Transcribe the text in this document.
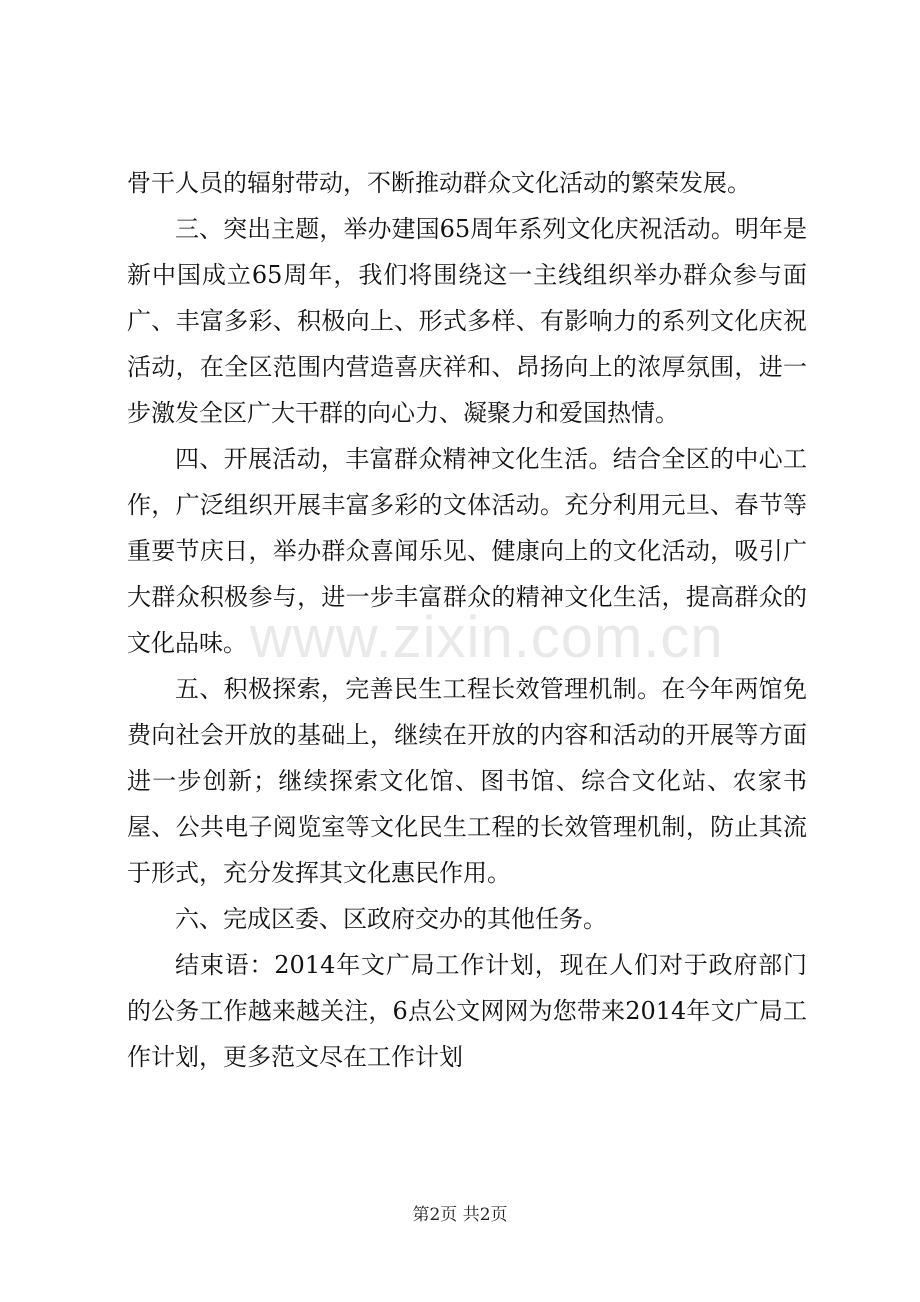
骨干人员的辐射带动，不断推动群众文化活动的繁荣发展。

三、突出主题，举办建国65周年系列文化庆祝活动。明年是新中国成立65周年，我们将围绕这一主线组织举办群众参与面广、丰富多彩、积极向上、形式多样、有影响力的系列文化庆祝活动，在全区范围内营造喜庆祥和、昂扬向上的浓厚氛围，进一步激发全区广大干群的向心力、凝聚力和爱国热情。

四、开展活动，丰富群众精神文化生活。结合全区的中心工作，广泛组织开展丰富多彩的文体活动。充分利用元旦、春节等重要节庆日，举办群众喜闻乐见、健康向上的文化活动，吸引广大群众积极参与，进一步丰富群众的精神文化生活，提高群众的文化品味。

五、积极探索，完善民生工程长效管理机制。在今年两馆免费向社会开放的基础上，继续在开放的内容和活动的开展等方面进一步创新；继续探索文化馆、图书馆、综合文化站、农家书屋、公共电子阅览室等文化民生工程的长效管理机制，防止其流于形式，充分发挥其文化惠民作用。

六、完成区委、区政府交办的其他任务。

结束语：2014年文广局工作计划，现在人们对于政府部门的公务工作越来越关注，6点公文网网为您带来2014年文广局工作计划，更多范文尽在工作计划

www.zixin.com.cn
第2页 共2页
